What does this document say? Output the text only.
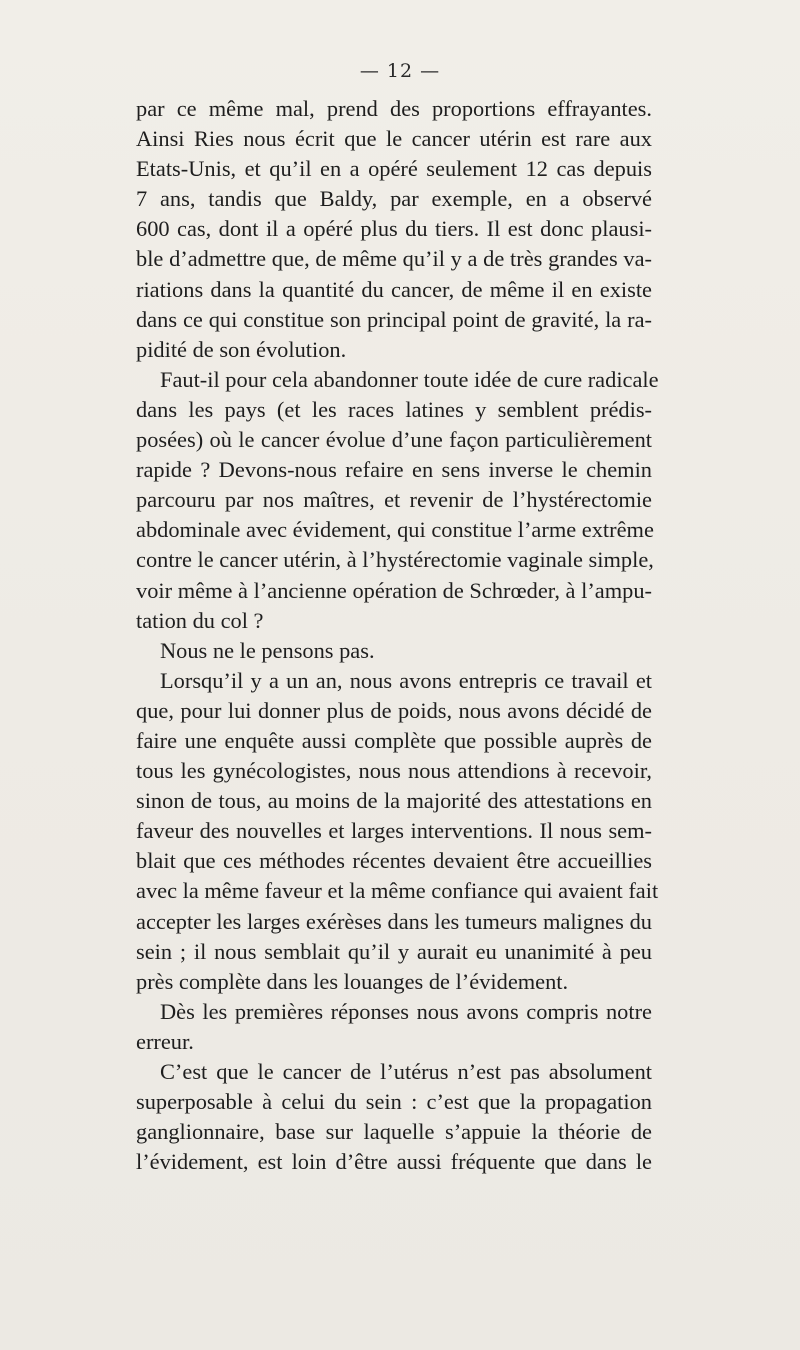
— 12 —
par ce même mal, prend des proportions effrayantes.
Ainsi Ries nous écrit que le cancer utérin est rare aux
Etats-Unis, et qu’il en a opéré seulement 12 cas depuis
7 ans, tandis que Baldy, par exemple, en a observé
600 cas, dont il a opéré plus du tiers. Il est donc plausi-
ble d’admettre que, de même qu’il y a de très grandes va-
riations dans la quantité du cancer, de même il en existe
dans ce qui constitue son principal point de gravité, la ra-
pidité de son évolution.
Faut-il pour cela abandonner toute idée de cure radicale
dans les pays (et les races latines y semblent prédis-
posées) où le cancer évolue d’une façon particulièrement
rapide ? Devons-nous refaire en sens inverse le chemin
parcouru par nos maîtres, et revenir de l’hystérectomie
abdominale avec évidement, qui constitue l’arme extrême
contre le cancer utérin, à l’hystérectomie vaginale simple,
voir même à l’ancienne opération de Schrœder, à l’ampu-
tation du col ?
Nous ne le pensons pas.
Lorsqu’il y a un an, nous avons entrepris ce travail et
que, pour lui donner plus de poids, nous avons décidé de
faire une enquête aussi complète que possible auprès de
tous les gynécologistes, nous nous attendions à recevoir,
sinon de tous, au moins de la majorité des attestations en
faveur des nouvelles et larges interventions. Il nous sem-
blait que ces méthodes récentes devaient être accueillies
avec la même faveur et la même confiance qui avaient fait
accepter les larges exérèses dans les tumeurs malignes du
sein ; il nous semblait qu’il y aurait eu unanimité à peu
près complète dans les louanges de l’évidement.
Dès les premières réponses nous avons compris notre
erreur.
C’est que le cancer de l’utérus n’est pas absolument
superposable à celui du sein : c’est que la propagation
ganglionnaire, base sur laquelle s’appuie la théorie de
l’évidement, est loin d’être aussi fréquente que dans le
